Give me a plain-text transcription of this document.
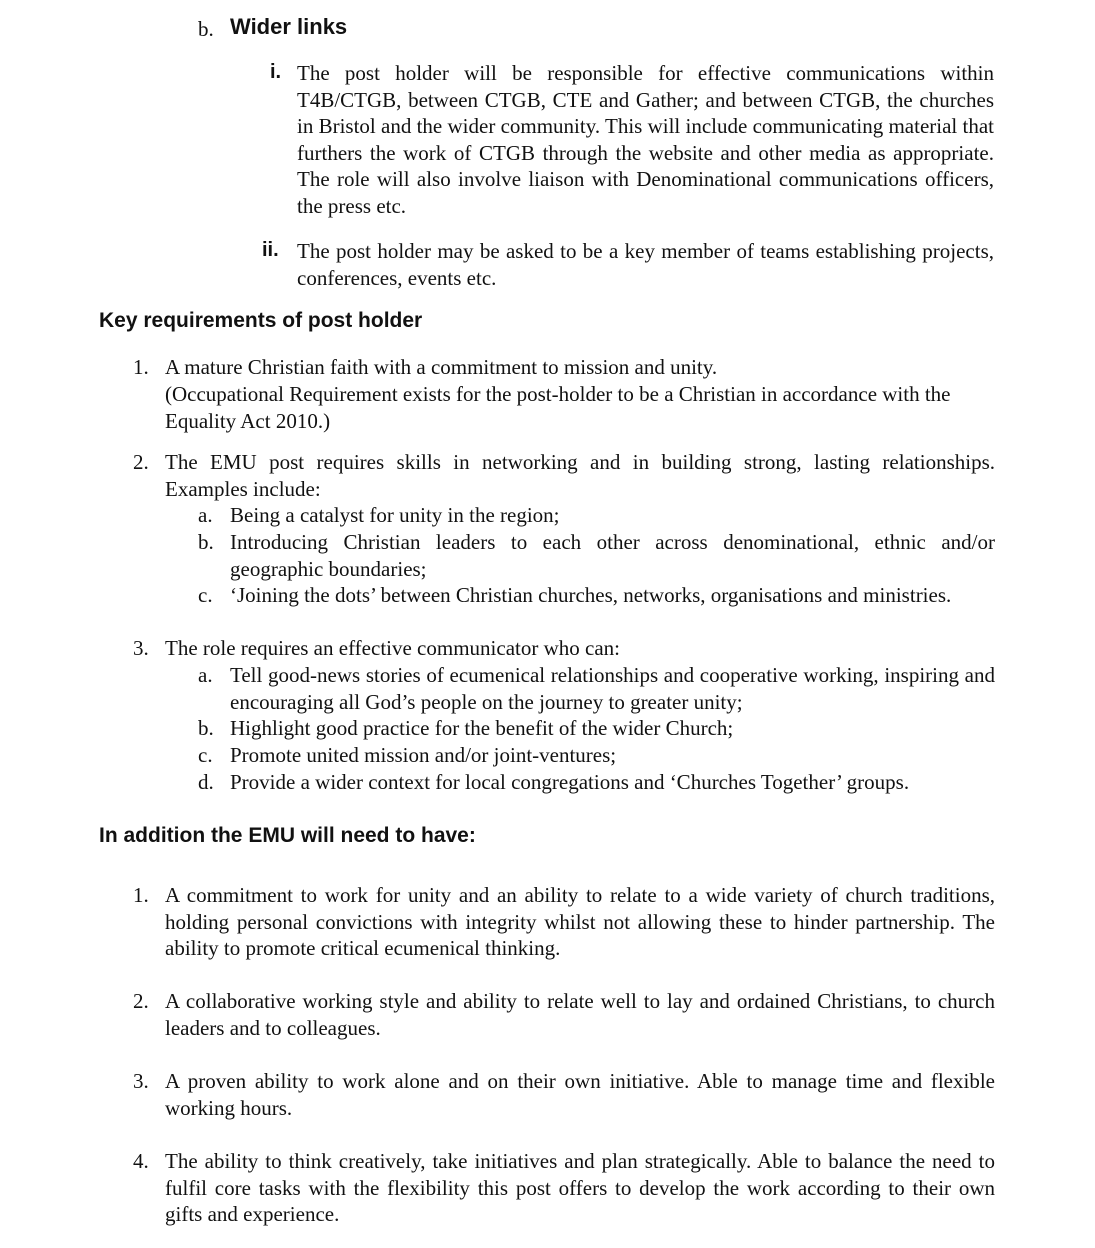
b. Wider links
i. The post holder will be responsible for effective communications within T4B/CTGB, between CTGB, CTE and Gather; and between CTGB, the churches in Bristol and the wider community. This will include communicating material that furthers the work of CTGB through the website and other media as appropriate. The role will also involve liaison with Denominational communications officers, the press etc.

ii. The post holder may be asked to be a key member of teams establishing projects, conferences, events etc.

Key requirements of post holder
1. A mature Christian faith with a commitment to mission and unity.

(Occupational Requirement exists for the post-holder to be a Christian in accordance with the Equality Act 2010.)

2. The EMU post requires skills in networking and in building strong, lasting relationships. Examples include:

a. Being a catalyst for unity in the region;

b. Introducing Christian leaders to each other across denominational, ethnic and/or geographic boundaries;

c. ‘Joining the dots’ between Christian churches, networks, organisations and ministries.

3. The role requires an effective communicator who can:

a. Tell good-news stories of ecumenical relationships and cooperative working, inspiring and encouraging all God’s people on the journey to greater unity;

b. Highlight good practice for the benefit of the wider Church;

c. Promote united mission and/or joint-ventures;

d. Provide a wider context for local congregations and ‘Churches Together’ groups.

In addition the EMU will need to have:
1. A commitment to work for unity and an ability to relate to a wide variety of church traditions, holding personal convictions with integrity whilst not allowing these to hinder partnership. The ability to promote critical ecumenical thinking.

2. A collaborative working style and ability to relate well to lay and ordained Christians, to church leaders and to colleagues.

3. A proven ability to work alone and on their own initiative. Able to manage time and flexible working hours.

4. The ability to think creatively, take initiatives and plan strategically. Able to balance the need to fulfil core tasks with the flexibility this post offers to develop the work according to their own gifts and experience.
